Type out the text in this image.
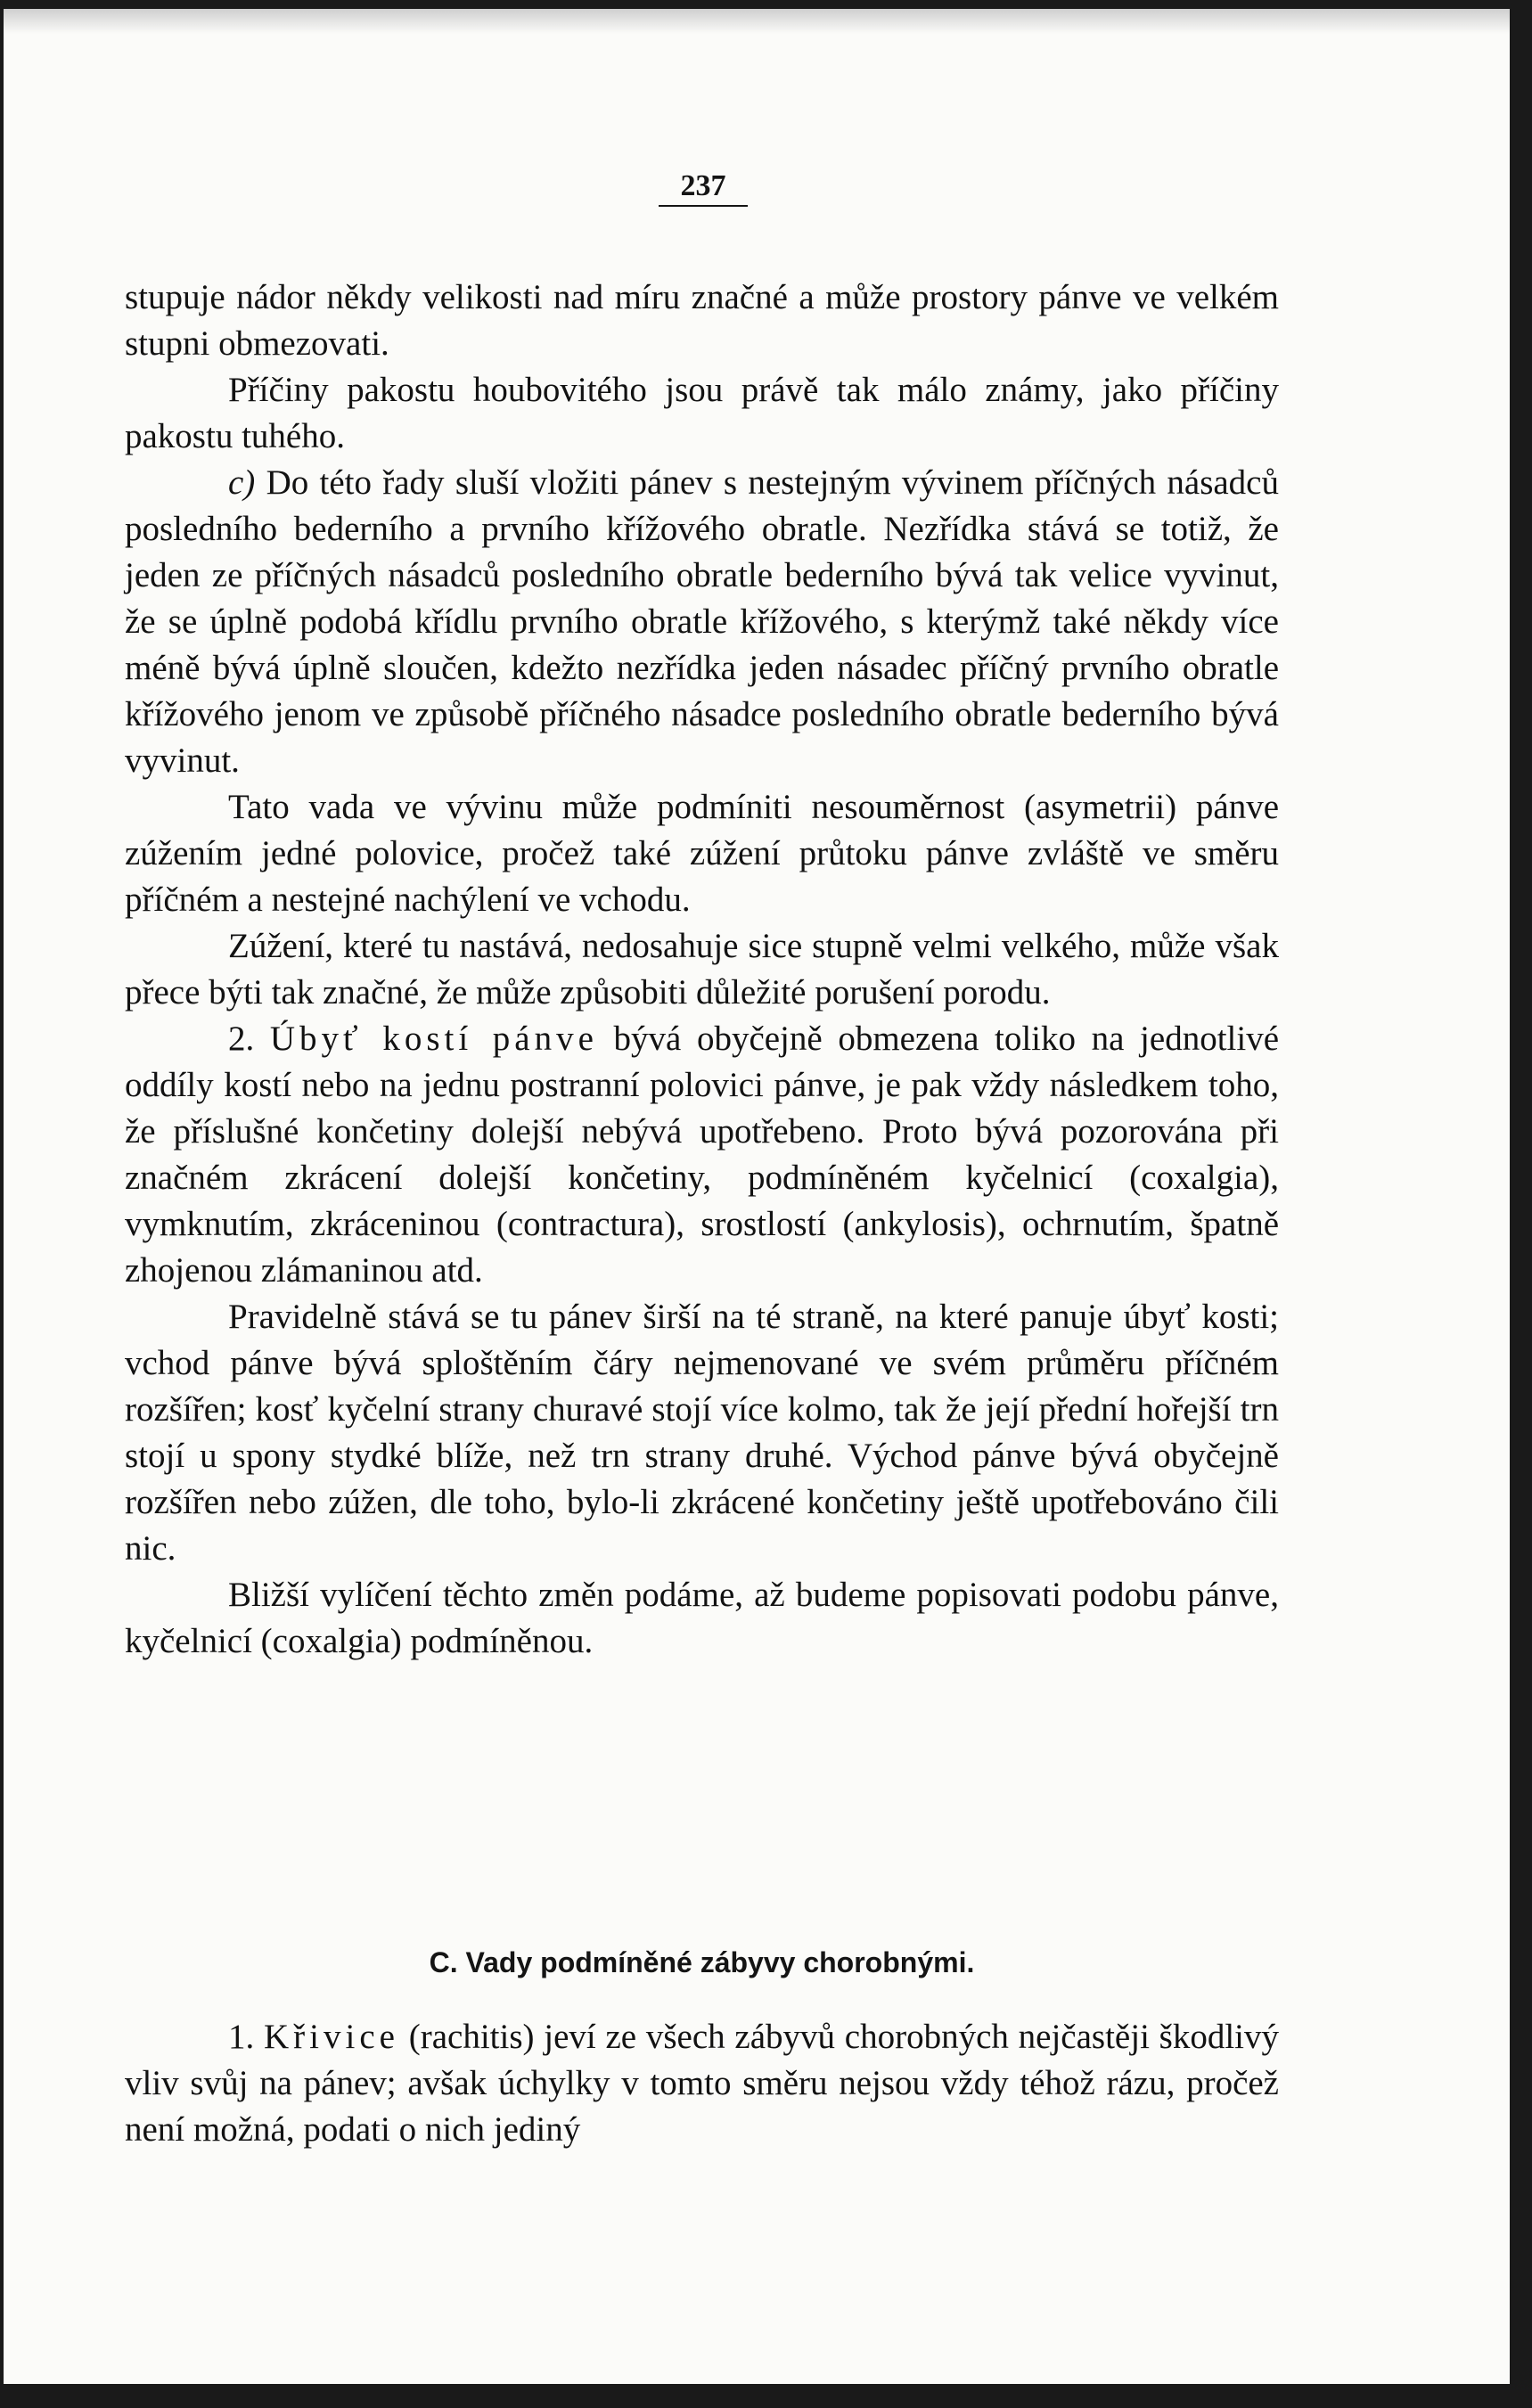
237

stupuje nádor někdy velikosti nad míru značné a může prostory pánve ve velkém stupni obmezovati.

Příčiny pakostu houbovitého jsou právě tak málo známy, jako příčiny pakostu tuhého.

c) Do této řady sluší vložiti pánev s nestejným vývinem příčných násadců posledního bederního a prvního křížového obratle. Nezřídka stává se totiž, že jeden ze příčných násadců posledního obratle bederního bývá tak velice vyvinut, že se úplně podobá křídlu prvního obratle křížového, s kterýmž také někdy více méně bývá úplně sloučen, kdežto nezřídka jeden násadec příčný prvního obratle křížového jenom ve způsobě příčného násadce posledního obratle bederního bývá vyvinut.

Tato vada ve vývinu může podmíniti nesouměrnost (asymetrii) pánve zúžením jedné polovice, pročež také zúžení průtoku pánve zvláště ve směru příčném a nestejné nachýlení ve vchodu.

Zúžení, které tu nastává, nedosahuje sice stupně velmi velkého, může však přece býti tak značné, že může způsobiti důležité porušení porodu.

2. Úbyť kostí pánve bývá obyčejně obmezena toliko na jednotlivé oddíly kostí nebo na jednu postranní polovici pánve, je pak vždy následkem toho, že příslušné končetiny dolejší nebývá upotřebeno. Proto bývá pozorována při značném zkrácení dolejší končetiny, podmíněném kyčelnicí (coxalgia), vymknutím, zkráceninou (contractura), srostlostí (ankylosis), ochrnutím, špatně zhojenou zlámaninou atd.

Pravidelně stává se tu pánev širší na té straně, na které panuje úbyť kosti; vchod pánve bývá sploštěním čáry nejmenované ve svém průměru příčném rozšířen; kosť kyčelní strany churavé stojí více kolmo, tak že její přední hořejší trn stojí u spony stydké blíže, než trn strany druhé. Východ pánve bývá obyčejně rozšířen nebo zúžen, dle toho, bylo-li zkrácené končetiny ještě upotřebováno čili nic.

Bližší vylíčení těchto změn podáme, až budeme popisovati podobu pánve, kyčelnicí (coxalgia) podmíněnou.

C. Vady podmíněné zábyvy chorobnými.

1. Křivice (rachitis) jeví ze všech zábyvů chorobných nejčastěji škodlivý vliv svůj na pánev; avšak úchylky v tomto směru nejsou vždy téhož rázu, pročež není možná, podati o nich jediný
